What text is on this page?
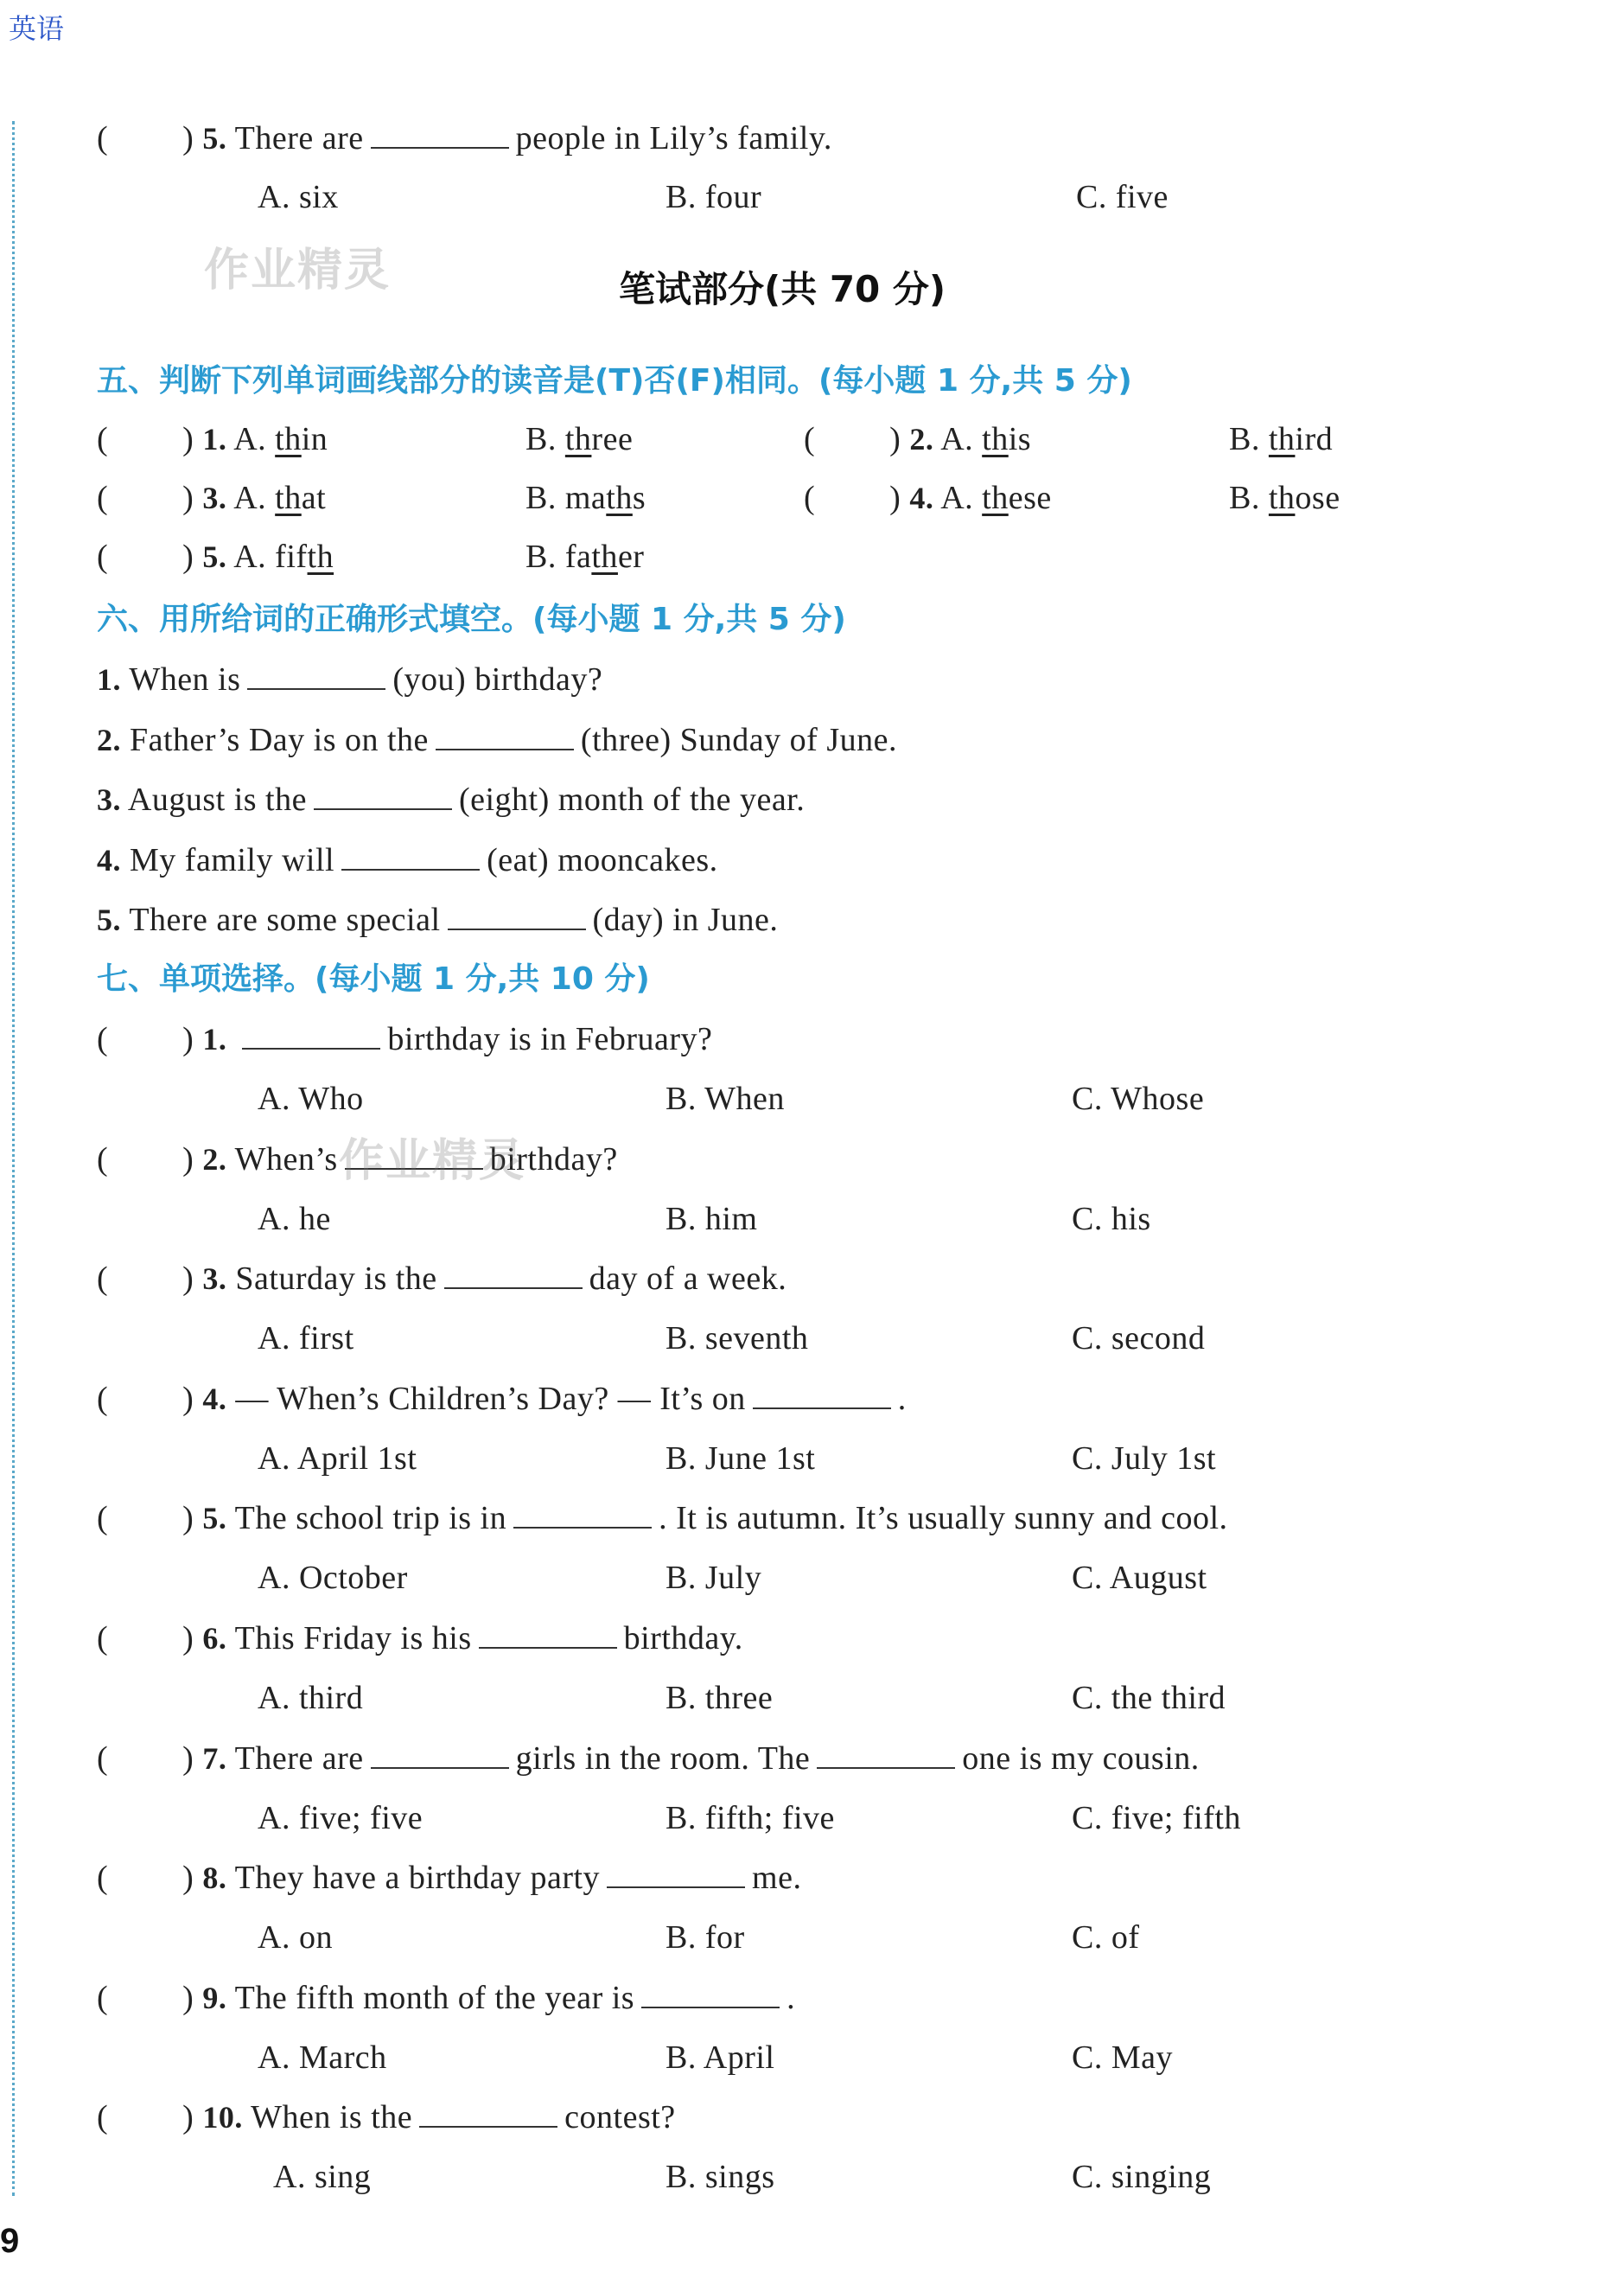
英语
( ) 5. There are	people in Lily’s family.
A. six	B. four	C. five
作业精灵	笔试部分(共 70 分)
五、判断下列单词画线部分的读音是(T)否(F)相同。(每小题 1 分,共 5 分)
( ) 1. A. thin	B. three	( ) 2. A. this	B. third
( ) 3. A. that	B. maths	( ) 4. A. these	B. those
( ) 5. A. fifth	B. father
六、用所给词的正确形式填空。(每小题 1 分,共 5 分)
1. When is	(you) birthday?
2. Father’s Day is on the	(three) Sunday of June.
3. August is the	(eight) month of the year.
4. My family will	(eat) mooncakes.
5. There are some special	(day) in June.
七、单项选择。(每小题 1 分,共 10 分)
( ) 1.	birthday is in February?
A. Who	B. When	C. Whose
( ) 2. When’s	birthday?
A. he	B. him	C. his
( ) 3. Saturday is the	day of a week.
A. first	B. seventh	C. second
( ) 4. — When’s Children’s Day? — It’s on	.
A. April 1st	B. June 1st	C. July 1st
( ) 5. The school trip is in	. It is autumn. It’s usually sunny and cool.
A. October	B. July	C. August
( ) 6. This Friday is his	birthday.
A. third	B. three	C. the third
( ) 7. There are	girls in the room. The	one is my cousin.
A. five; five	B. fifth; five	C. five; fifth
( ) 8. They have a birthday party	me.
A. on	B. for	C. of
( ) 9. The fifth month of the year is	.
A. March	B. April	C. May
( ) 10. When is the	contest?
A. sing	B. sings	C. singing
作业精灵
9
